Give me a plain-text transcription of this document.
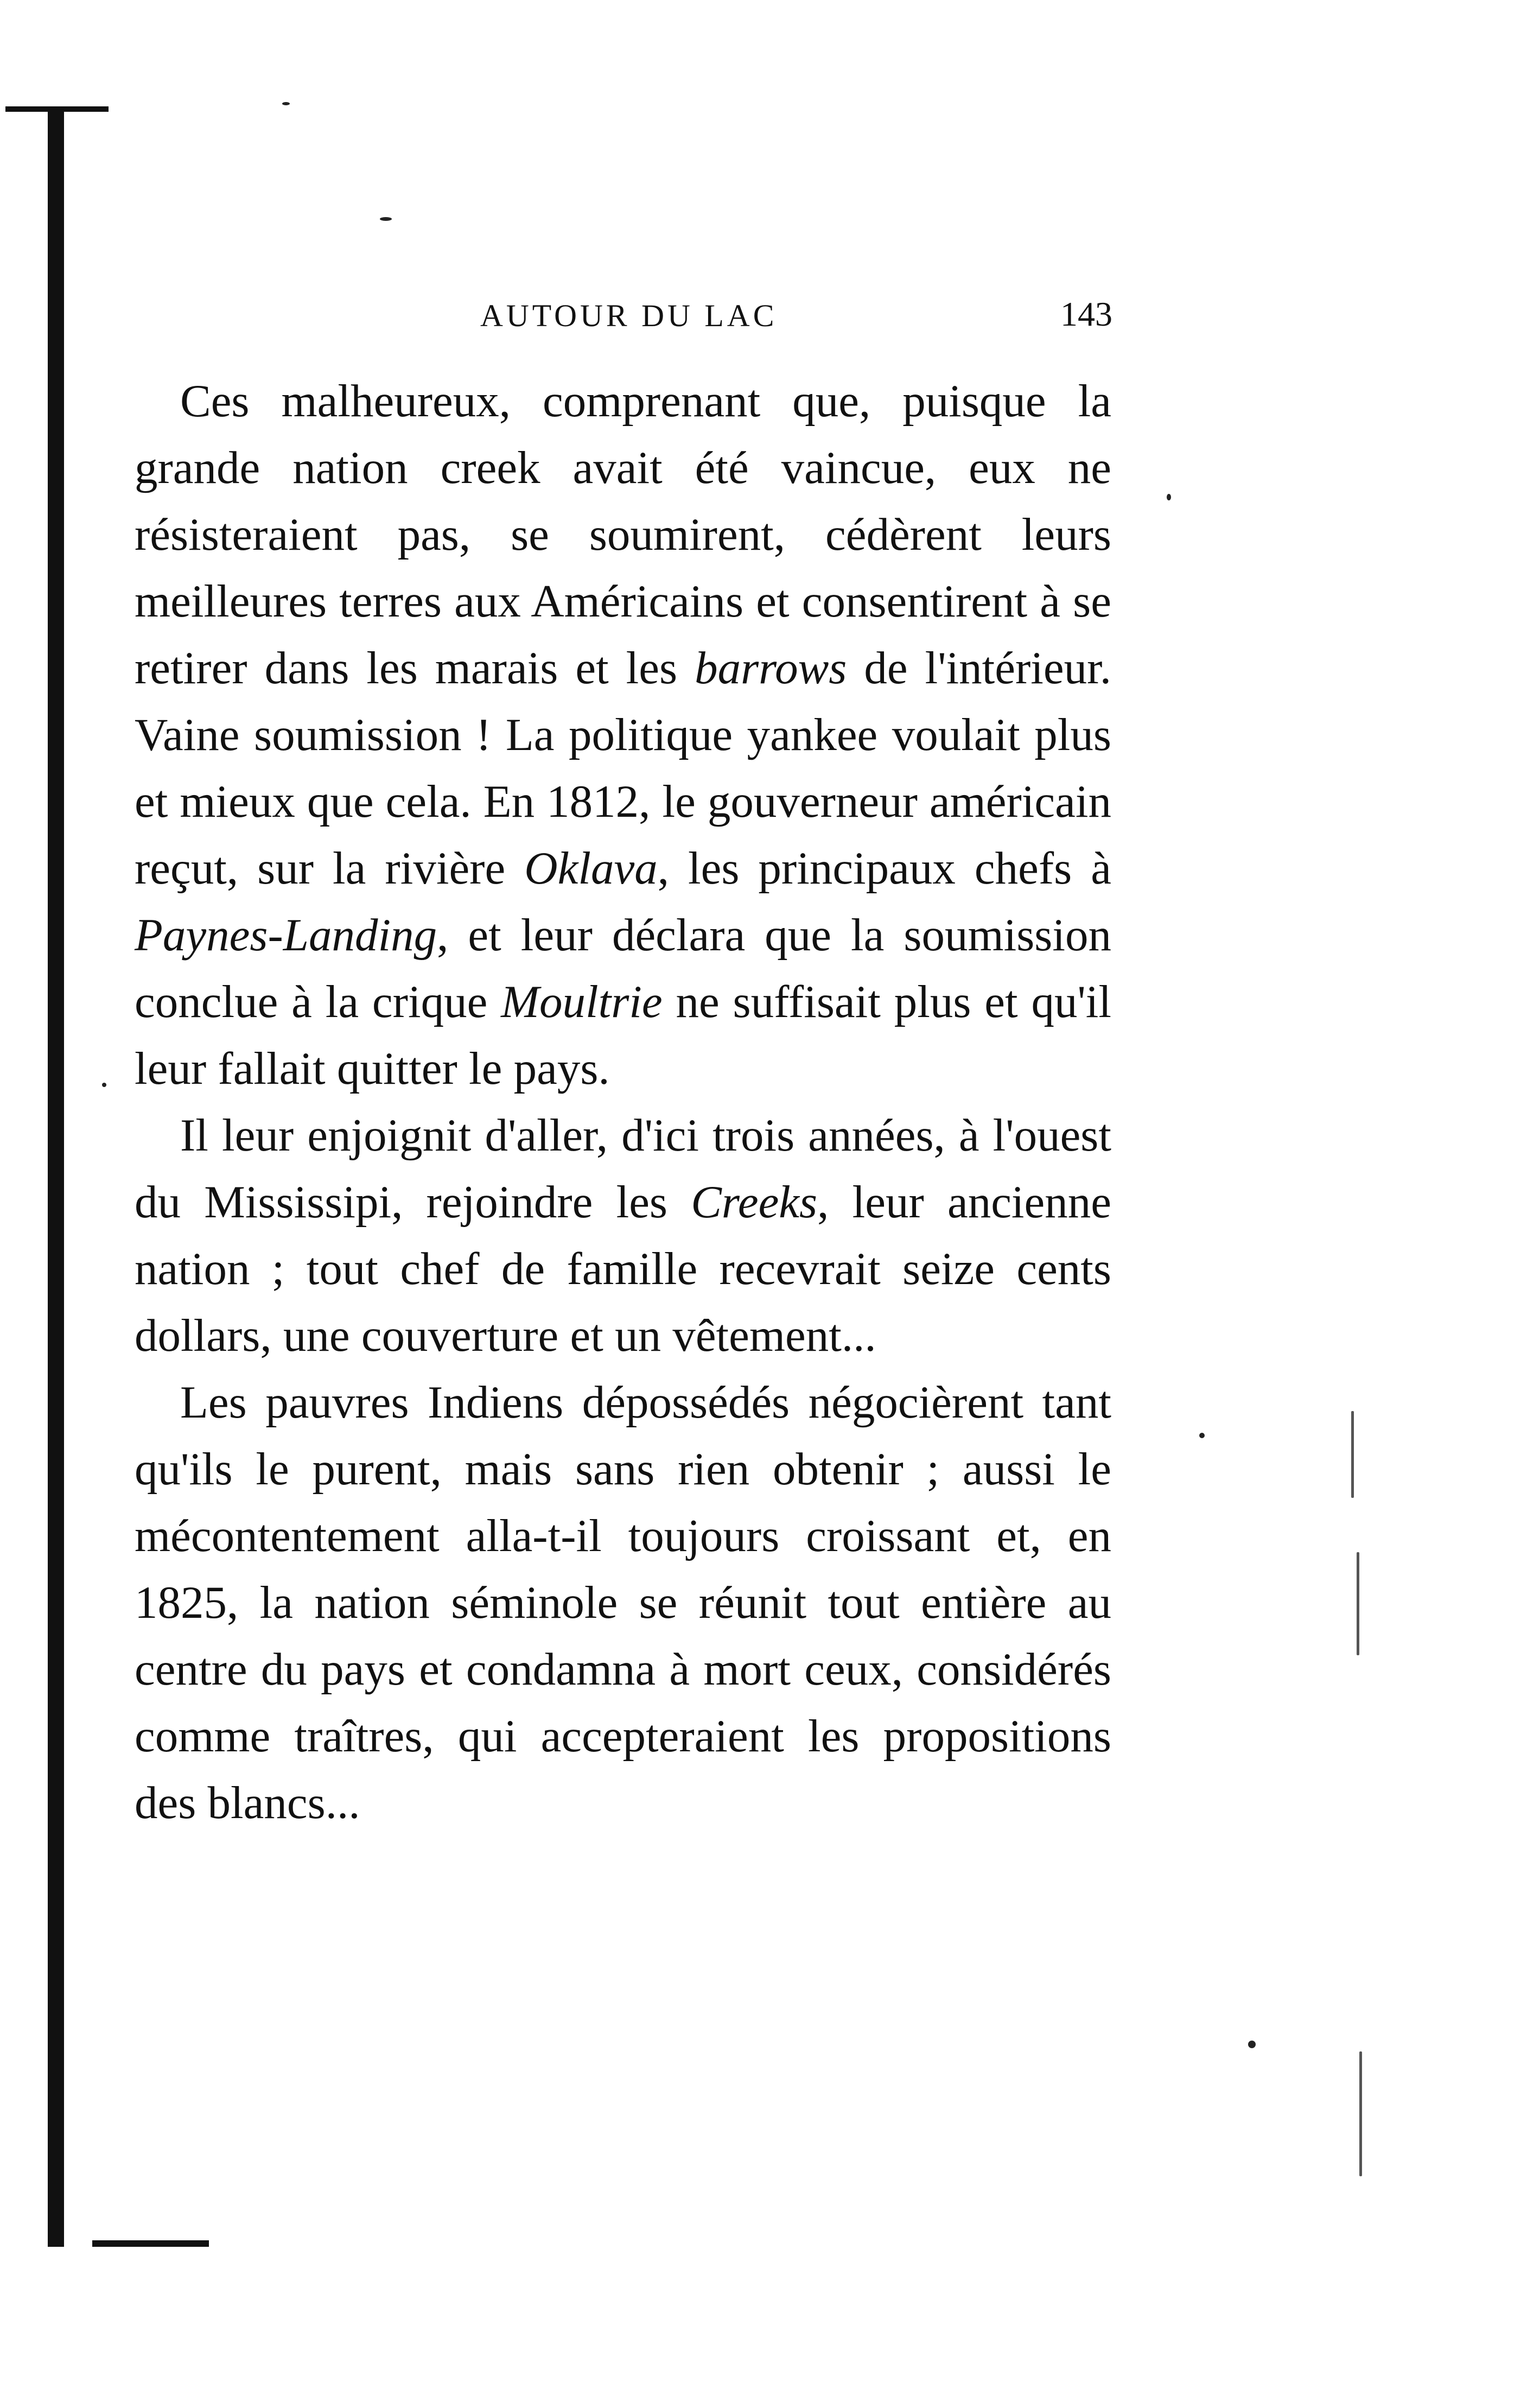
AUTOUR DU LAC	143

Ces malheureux, comprenant que, puisque la grande nation creek avait été vaincue, eux ne résisteraient pas, se soumirent, cédèrent leurs meilleures terres aux Américains et consentirent à se retirer dans les marais et les barrows de l'intérieur. Vaine soumission ! La politique yankee voulait plus et mieux que cela. En 1812, le gouverneur américain reçut, sur la rivière Oklava, les principaux chefs à Paynes-Landing, et leur déclara que la soumission conclue à la crique Moultrie ne suffisait plus et qu'il leur fallait quitter le pays.

Il leur enjoignit d'aller, d'ici trois années, à l'ouest du Mississipi, rejoindre les Creeks, leur ancienne nation ; tout chef de famille recevrait seize cents dollars, une couverture et un vêtement...

Les pauvres Indiens dépossédés négocièrent tant qu'ils le purent, mais sans rien obtenir ; aussi le mécontentement alla-t-il toujours croissant et, en 1825, la nation séminole se réunit tout entière au centre du pays et condamna à mort ceux, considérés comme traîtres, qui accepteraient les propositions des blancs...
